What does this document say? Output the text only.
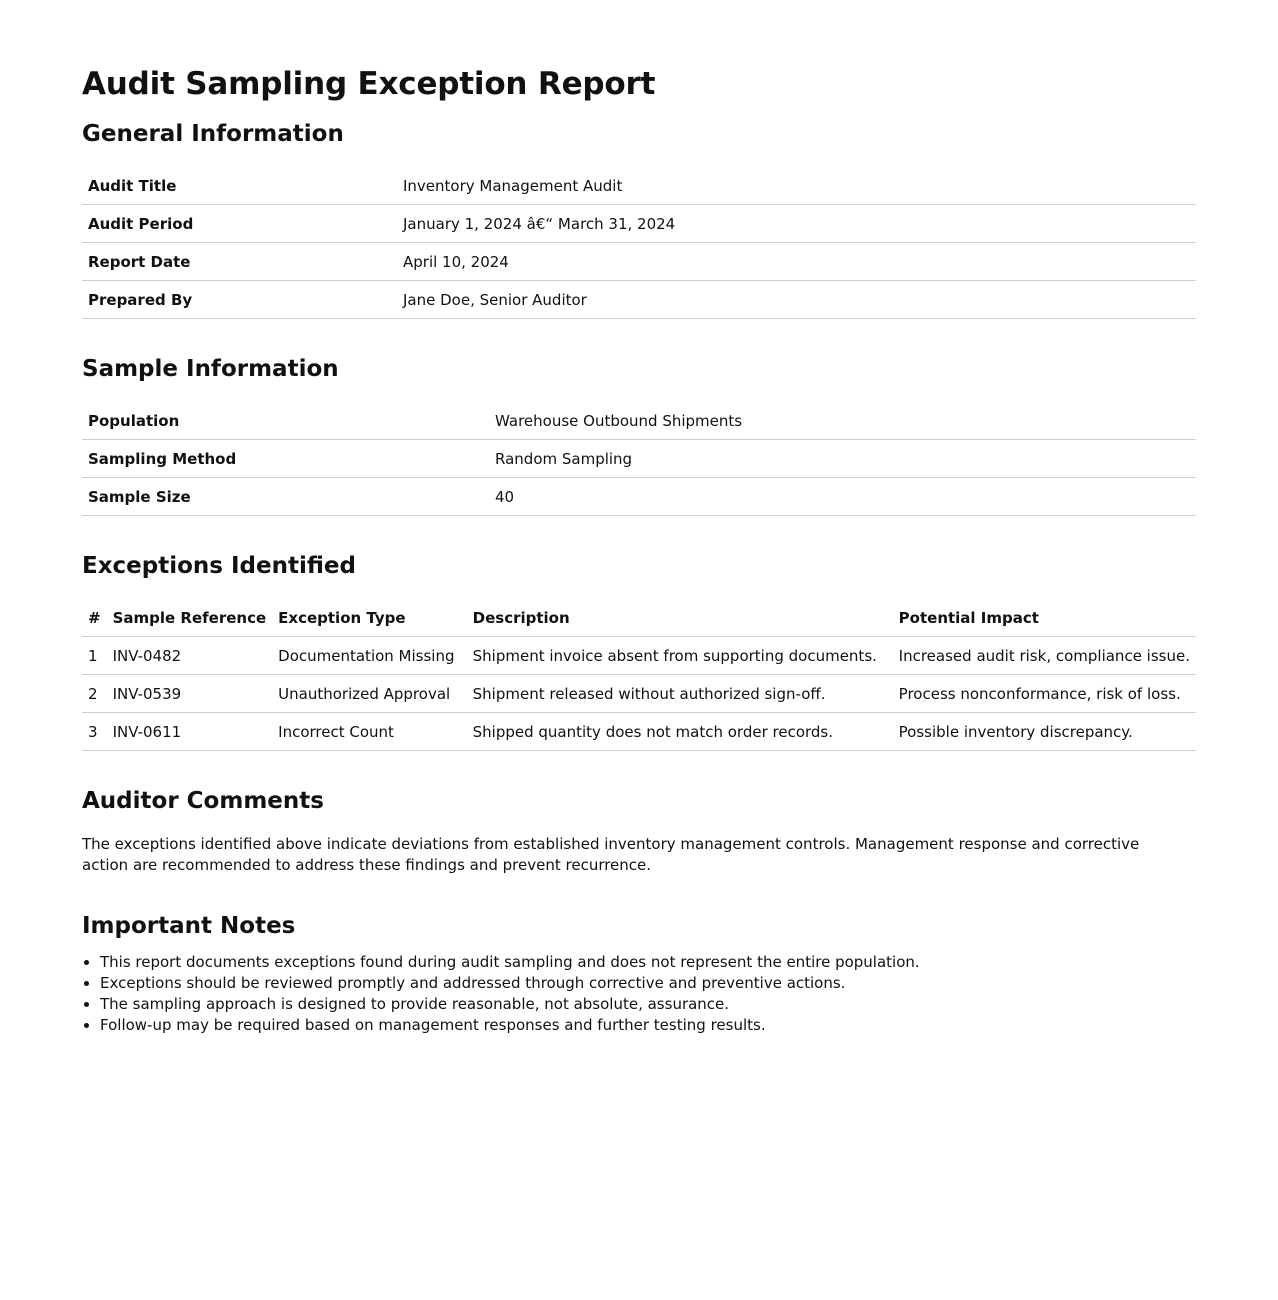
Audit Sampling Exception Report
General Information
Audit Title	Inventory Management Audit
Audit Period	January 1, 2024 â€“ March 31, 2024
Report Date	April 10, 2024
Prepared By	Jane Doe, Senior Auditor
Sample Information
Population	Warehouse Outbound Shipments
Sampling Method	Random Sampling
Sample Size	40
Exceptions Identified
#	Sample Reference	Exception Type	Description	Potential Impact
1	INV-0482	Documentation Missing	Shipment invoice absent from supporting documents.	Increased audit risk, compliance issue.
2	INV-0539	Unauthorized Approval	Shipment released without authorized sign-off.	Process nonconformance, risk of loss.
3	INV-0611	Incorrect Count	Shipped quantity does not match order records.	Possible inventory discrepancy.
Auditor Comments

The exceptions identified above indicate deviations from established inventory management controls. Management response and corrective action are recommended to address these findings and prevent recurrence.

Important Notes
• This report documents exceptions found during audit sampling and does not represent the entire population.
• Exceptions should be reviewed promptly and addressed through corrective and preventive actions.
• The sampling approach is designed to provide reasonable, not absolute, assurance.
• Follow-up may be required based on management responses and further testing results.
